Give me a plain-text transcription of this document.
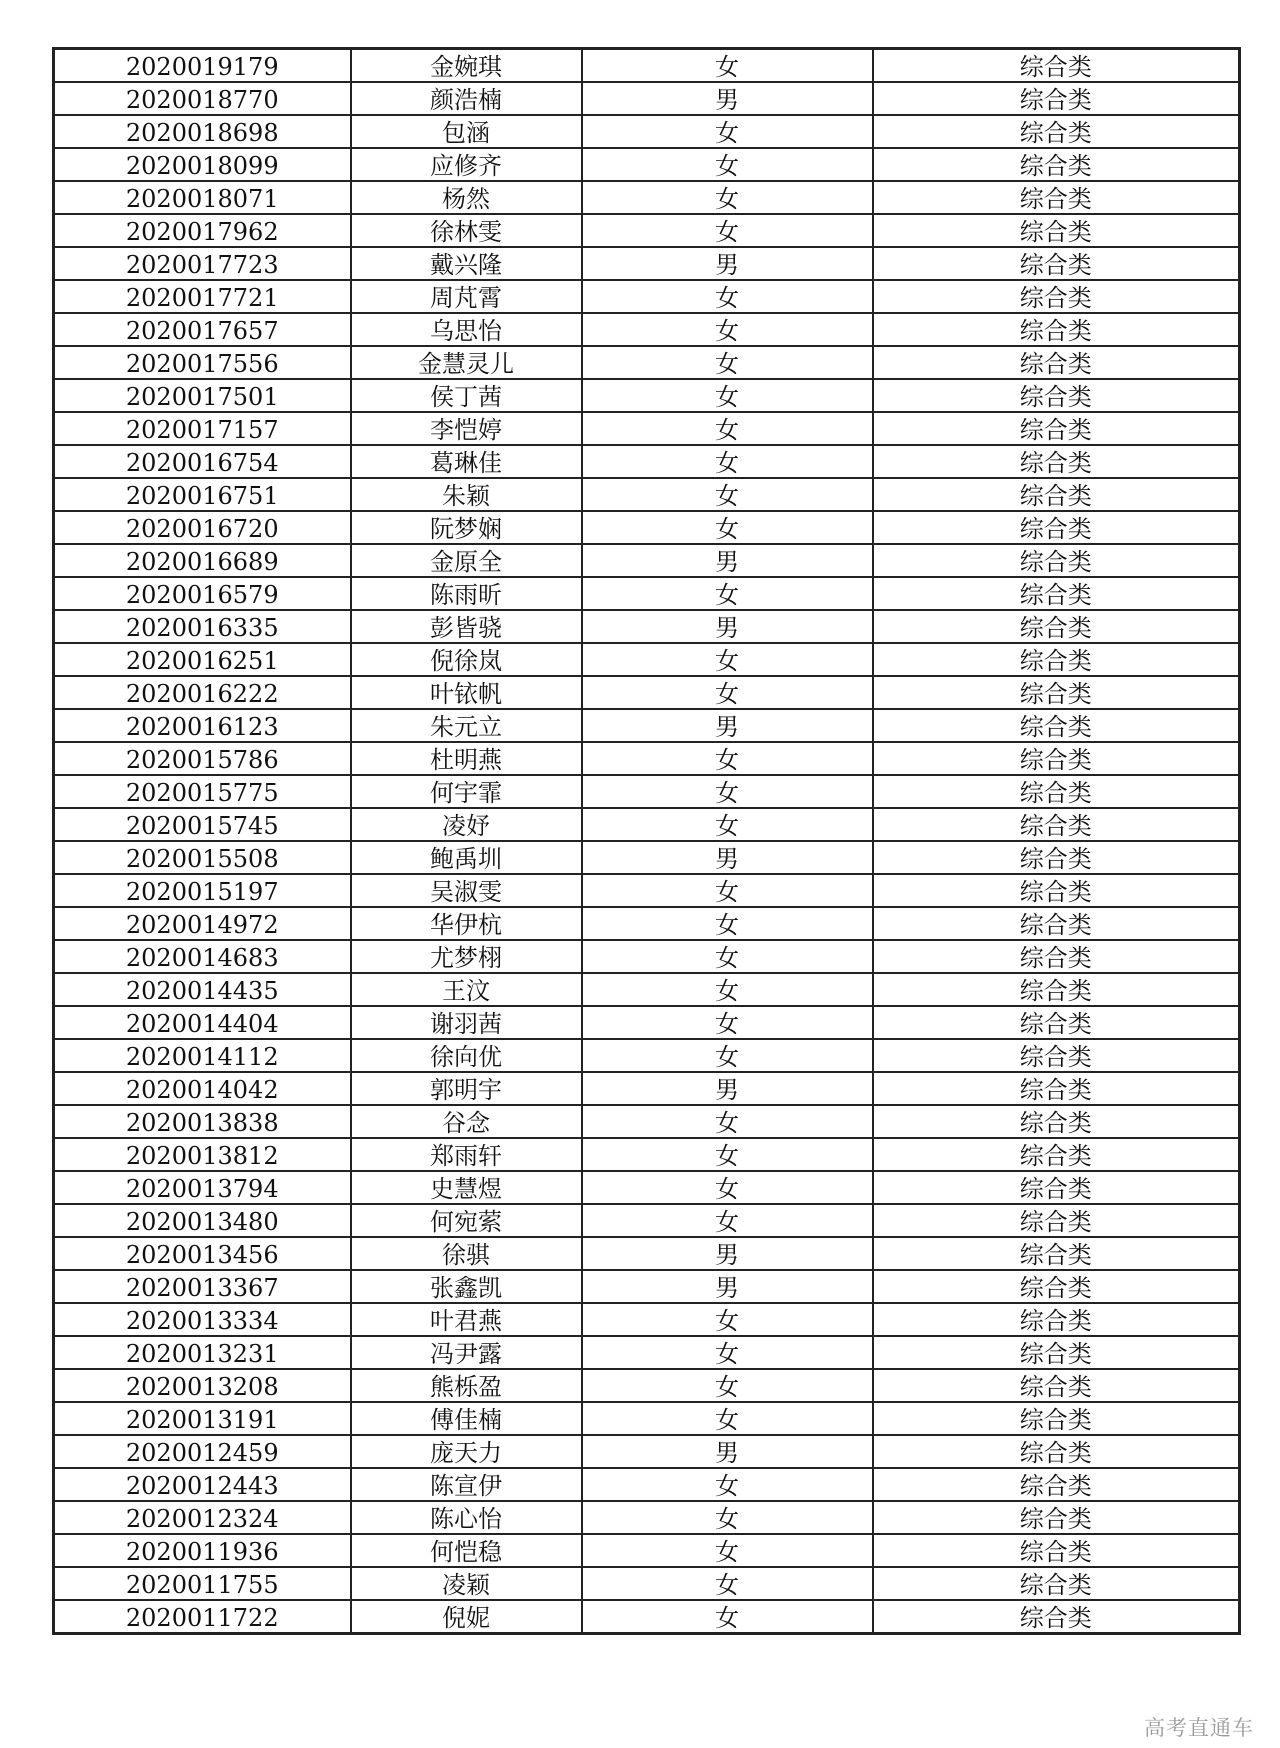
2020019179	金婉琪	女	综合类
2020018770	颜浩楠	男	综合类
2020018698	包涵	女	综合类
2020018099	应修齐	女	综合类
2020018071	杨然	女	综合类
2020017962	徐林雯	女	综合类
2020017723	戴兴隆	男	综合类
2020017721	周芃霄	女	综合类
2020017657	乌思怡	女	综合类
2020017556	金慧灵儿	女	综合类
2020017501	侯丁茜	女	综合类
2020017157	李恺婷	女	综合类
2020016754	葛琳佳	女	综合类
2020016751	朱颖	女	综合类
2020016720	阮梦娴	女	综合类
2020016689	金原全	男	综合类
2020016579	陈雨昕	女	综合类
2020016335	彭皆骁	男	综合类
2020016251	倪徐岚	女	综合类
2020016222	叶铱帆	女	综合类
2020016123	朱元立	男	综合类
2020015786	杜明燕	女	综合类
2020015775	何宇霏	女	综合类
2020015745	凌妤	女	综合类
2020015508	鲍禹圳	男	综合类
2020015197	吴淑雯	女	综合类
2020014972	华伊杭	女	综合类
2020014683	尤梦栩	女	综合类
2020014435	王汶	女	综合类
2020014404	谢羽茜	女	综合类
2020014112	徐向优	女	综合类
2020014042	郭明宇	男	综合类
2020013838	谷念	女	综合类
2020013812	郑雨轩	女	综合类
2020013794	史慧煜	女	综合类
2020013480	何宛萦	女	综合类
2020013456	徐骐	男	综合类
2020013367	张鑫凯	男	综合类
2020013334	叶君燕	女	综合类
2020013231	冯尹露	女	综合类
2020013208	熊栎盈	女	综合类
2020013191	傅佳楠	女	综合类
2020012459	庞天力	男	综合类
2020012443	陈宣伊	女	综合类
2020012324	陈心怡	女	综合类
2020011936	何恺稳	女	综合类
2020011755	凌颖	女	综合类
2020011722	倪妮	女	综合类
高考直通车
